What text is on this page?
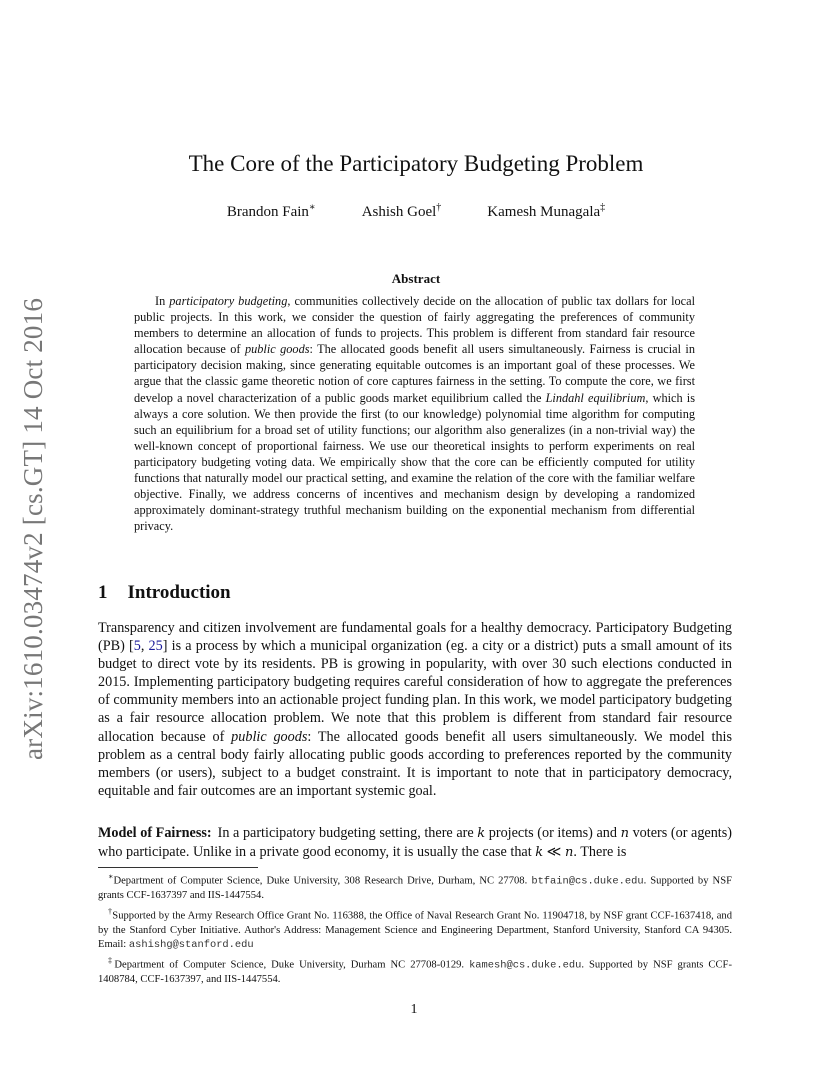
arXiv:1610.03474v2 [cs.GT] 14 Oct 2016
The Core of the Participatory Budgeting Problem
Brandon Fain∗	Ashish Goel†	Kamesh Munagala‡
Abstract

In participatory budgeting, communities collectively decide on the allocation of public tax dollars for local public projects. In this work, we consider the question of fairly aggregating the preferences of community members to determine an allocation of funds to projects. This problem is different from standard fair resource allocation because of public goods: The allocated goods benefit all users simultaneously. Fairness is crucial in participatory decision making, since generating equitable outcomes is an important goal of these processes. We argue that the classic game theoretic notion of core captures fairness in the setting. To compute the core, we first develop a novel characterization of a public goods market equilibrium called the Lindahl equilibrium, which is always a core solution. We then provide the first (to our knowledge) polynomial time algorithm for computing such an equilibrium for a broad set of utility functions; our algorithm also generalizes (in a non-trivial way) the well-known concept of proportional fairness. We use our theoretical insights to perform experiments on real participatory budgeting voting data. We empirically show that the core can be efficiently computed for utility functions that naturally model our practical setting, and examine the relation of the core with the familiar welfare objective. Finally, we address concerns of incentives and mechanism design by developing a randomized approximately dominant-strategy truthful mechanism building on the exponential mechanism from differential privacy.

1 Introduction

Transparency and citizen involvement are fundamental goals for a healthy democracy. Participatory Budgeting (PB) [5, 25] is a process by which a municipal organization (eg. a city or a district) puts a small amount of its budget to direct vote by its residents. PB is growing in popularity, with over 30 such elections conducted in 2015. Implementing participatory budgeting requires careful consideration of how to aggregate the preferences of community members into an actionable project funding plan. In this work, we model participatory budgeting as a fair resource allocation problem. We note that this problem is different from standard fair resource allocation because of public goods: The allocated goods benefit all users simultaneously. We model this problem as a central body fairly allocating public goods according to preferences reported by the community members (or users), subject to a budget constraint. It is important to note that in participatory democracy, equitable and fair outcomes are an important systemic goal.

Model of Fairness: In a participatory budgeting setting, there are k projects (or items) and n voters (or agents) who participate. Unlike in a private good economy, it is usually the case that k ≪ n. There is

∗Department of Computer Science, Duke University, 308 Research Drive, Durham, NC 27708. btfain@cs.duke.edu. Supported by NSF grants CCF-1637397 and IIS-1447554.

†Supported by the Army Research Office Grant No. 116388, the Office of Naval Research Grant No. 11904718, by NSF grant CCF-1637418, and by the Stanford Cyber Initiative. Author's Address: Management Science and Engineering Department, Stanford University, Stanford CA 94305. Email: ashishg@stanford.edu

‡Department of Computer Science, Duke University, Durham NC 27708-0129. kamesh@cs.duke.edu. Supported by NSF grants CCF-1408784, CCF-1637397, and IIS-1447554.

1
